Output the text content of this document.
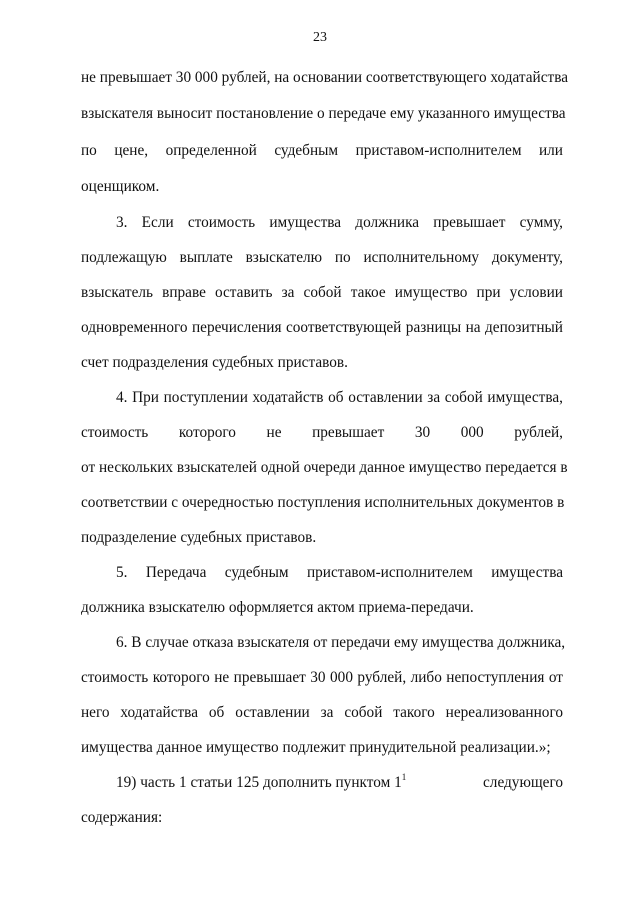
23
не превышает 30 000 рублей, на основании соответствующего ходатайства
взыскателя выносит постановление о передаче ему указанного имущества
по цене, определенной судебным приставом-исполнителем или
оценщиком.
3. Если стоимость имущества должника превышает сумму,
подлежащую выплате взыскателю по исполнительному документу,
взыскатель вправе оставить за собой такое имущество при условии
одновременного перечисления соответствующей разницы на депозитный
счет подразделения судебных приставов.
4. При поступлении ходатайств об оставлении за собой имущества,
стоимость которого не превышает 30 000 рублей,
от нескольких взыскателей одной очереди данное имущество передается в
соответствии с очередностью поступления исполнительных документов в
подразделение судебных приставов.
5. Передача судебным приставом-исполнителем имущества
должника взыскателю оформляется актом приема-передачи.
6. В случае отказа взыскателя от передачи ему имущества должника,
стоимость которого не превышает 30 000 рублей, либо непоступления от
него ходатайства об оставлении за собой такого нереализованного
имущества данное имущество подлежит принудительной реализации.»;
19) часть 1 статьи 125 дополнить пунктом $1^1$	следующего
содержания:
